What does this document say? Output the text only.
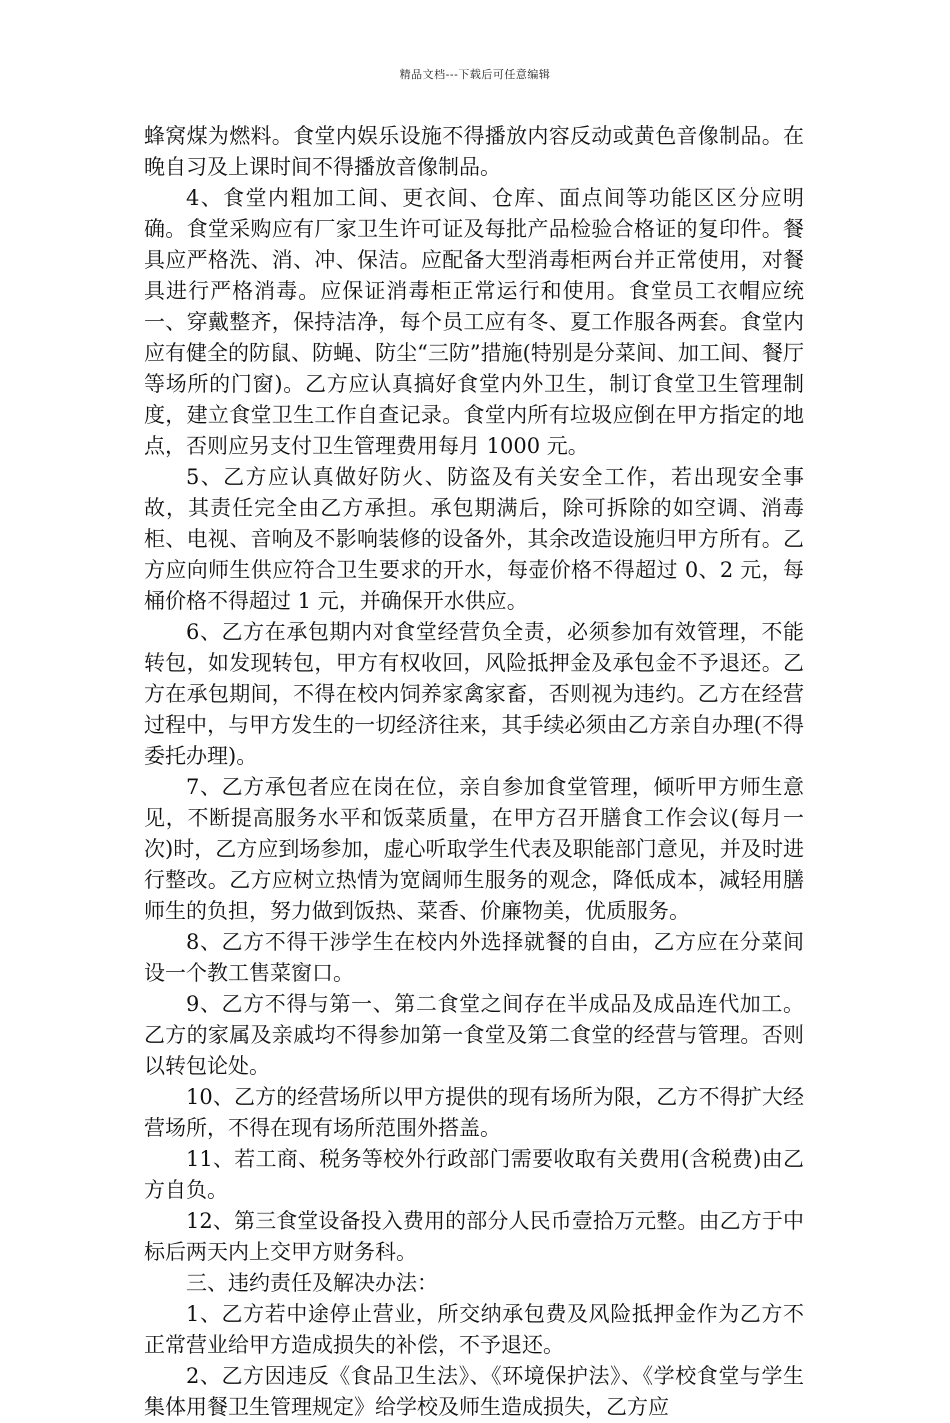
精品文档---下载后可任意编辑

蜂窝煤为燃料。食堂内娱乐设施不得播放内容反动或黄色音像制品。在晚自习及上课时间不得播放音像制品。

4、食堂内粗加工间、更衣间、仓库、面点间等功能区区分应明确。食堂采购应有厂家卫生许可证及每批产品检验合格证的复印件。餐具应严格洗、消、冲、保洁。应配备大型消毒柜两台并正常使用，对餐具进行严格消毒。应保证消毒柜正常运行和使用。食堂员工衣帽应统一、穿戴整齐，保持洁净，每个员工应有冬、夏工作服各两套。食堂内应有健全的防鼠、防蝇、防尘“三防”措施(特别是分菜间、加工间、餐厅等场所的门窗)。乙方应认真搞好食堂内外卫生，制订食堂卫生管理制度，建立食堂卫生工作自查记录。食堂内所有垃圾应倒在甲方指定的地点，否则应另支付卫生管理费用每月 1000 元。

5、乙方应认真做好防火、防盗及有关安全工作，若出现安全事故，其责任完全由乙方承担。承包期满后，除可拆除的如空调、消毒柜、电视、音响及不影响装修的设备外，其余改造设施归甲方所有。乙方应向师生供应符合卫生要求的开水，每壶价格不得超过 0、2 元，每桶价格不得超过 1 元，并确保开水供应。

6、乙方在承包期内对食堂经营负全责，必须参加有效管理，不能转包，如发现转包，甲方有权收回，风险抵押金及承包金不予退还。乙方在承包期间，不得在校内饲养家禽家畜，否则视为违约。乙方在经营过程中，与甲方发生的一切经济往来，其手续必须由乙方亲自办理(不得委托办理)。

7、乙方承包者应在岗在位，亲自参加食堂管理，倾听甲方师生意见，不断提高服务水平和饭菜质量，在甲方召开膳食工作会议(每月一次)时，乙方应到场参加，虚心听取学生代表及职能部门意见，并及时进行整改。乙方应树立热情为宽阔师生服务的观念，降低成本，减轻用膳师生的负担，努力做到饭热、菜香、价廉物美，优质服务。

8、乙方不得干涉学生在校内外选择就餐的自由，乙方应在分菜间设一个教工售菜窗口。

9、乙方不得与第一、第二食堂之间存在半成品及成品连代加工。乙方的家属及亲戚均不得参加第一食堂及第二食堂的经营与管理。否则以转包论处。

10、乙方的经营场所以甲方提供的现有场所为限，乙方不得扩大经营场所，不得在现有场所范围外搭盖。

11、若工商、税务等校外行政部门需要收取有关费用(含税费)由乙方自负。

12、第三食堂设备投入费用的部分人民币壹拾万元整。由乙方于中标后两天内上交甲方财务科。

三、违约责任及解决办法：

1、乙方若中途停止营业，所交纳承包费及风险抵押金作为乙方不正常营业给甲方造成损失的补偿，不予退还。

2、乙方因违反《食品卫生法》、《环境保护法》、《学校食堂与学生集体用餐卫生管理规定》给学校及师生造成损失，乙方应
